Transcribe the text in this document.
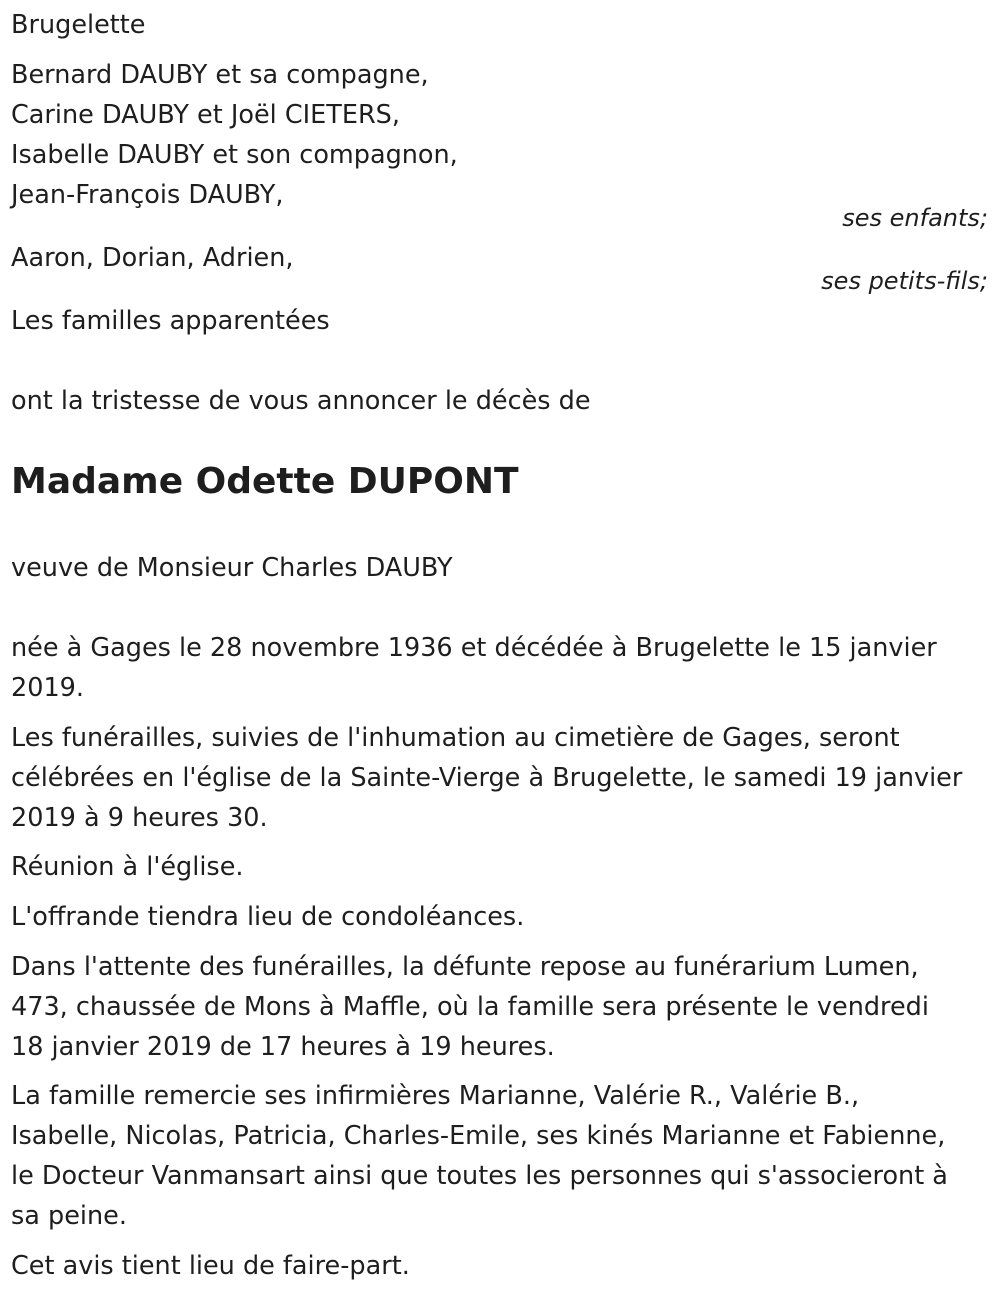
Brugelette
Bernard DAUBY et sa compagne,
Carine DAUBY et Joël CIETERS,
Isabelle DAUBY et son compagnon,
Jean-François DAUBY,
ses enfants;
Aaron, Dorian, Adrien,
ses petits-fils;
Les familles apparentées
ont la tristesse de vous annoncer le décès de
Madame Odette DUPONT
veuve de Monsieur Charles DAUBY
née à Gages le 28 novembre 1936 et décédée à Brugelette le 15 janvier
2019.
Les funérailles, suivies de l'inhumation au cimetière de Gages, seront
célébrées en l'église de la Sainte-Vierge à Brugelette, le samedi 19 janvier
2019 à 9 heures 30.
Réunion à l'église.
L'offrande tiendra lieu de condoléances.
Dans l'attente des funérailles, la défunte repose au funérarium Lumen,
473, chaussée de Mons à Maffle, où la famille sera présente le vendredi
18 janvier 2019 de 17 heures à 19 heures.
La famille remercie ses infirmières Marianne, Valérie R., Valérie B.,
Isabelle, Nicolas, Patricia, Charles-Emile, ses kinés Marianne et Fabienne,
le Docteur Vanmansart ainsi que toutes les personnes qui s'associeront à
sa peine.
Cet avis tient lieu de faire-part.
